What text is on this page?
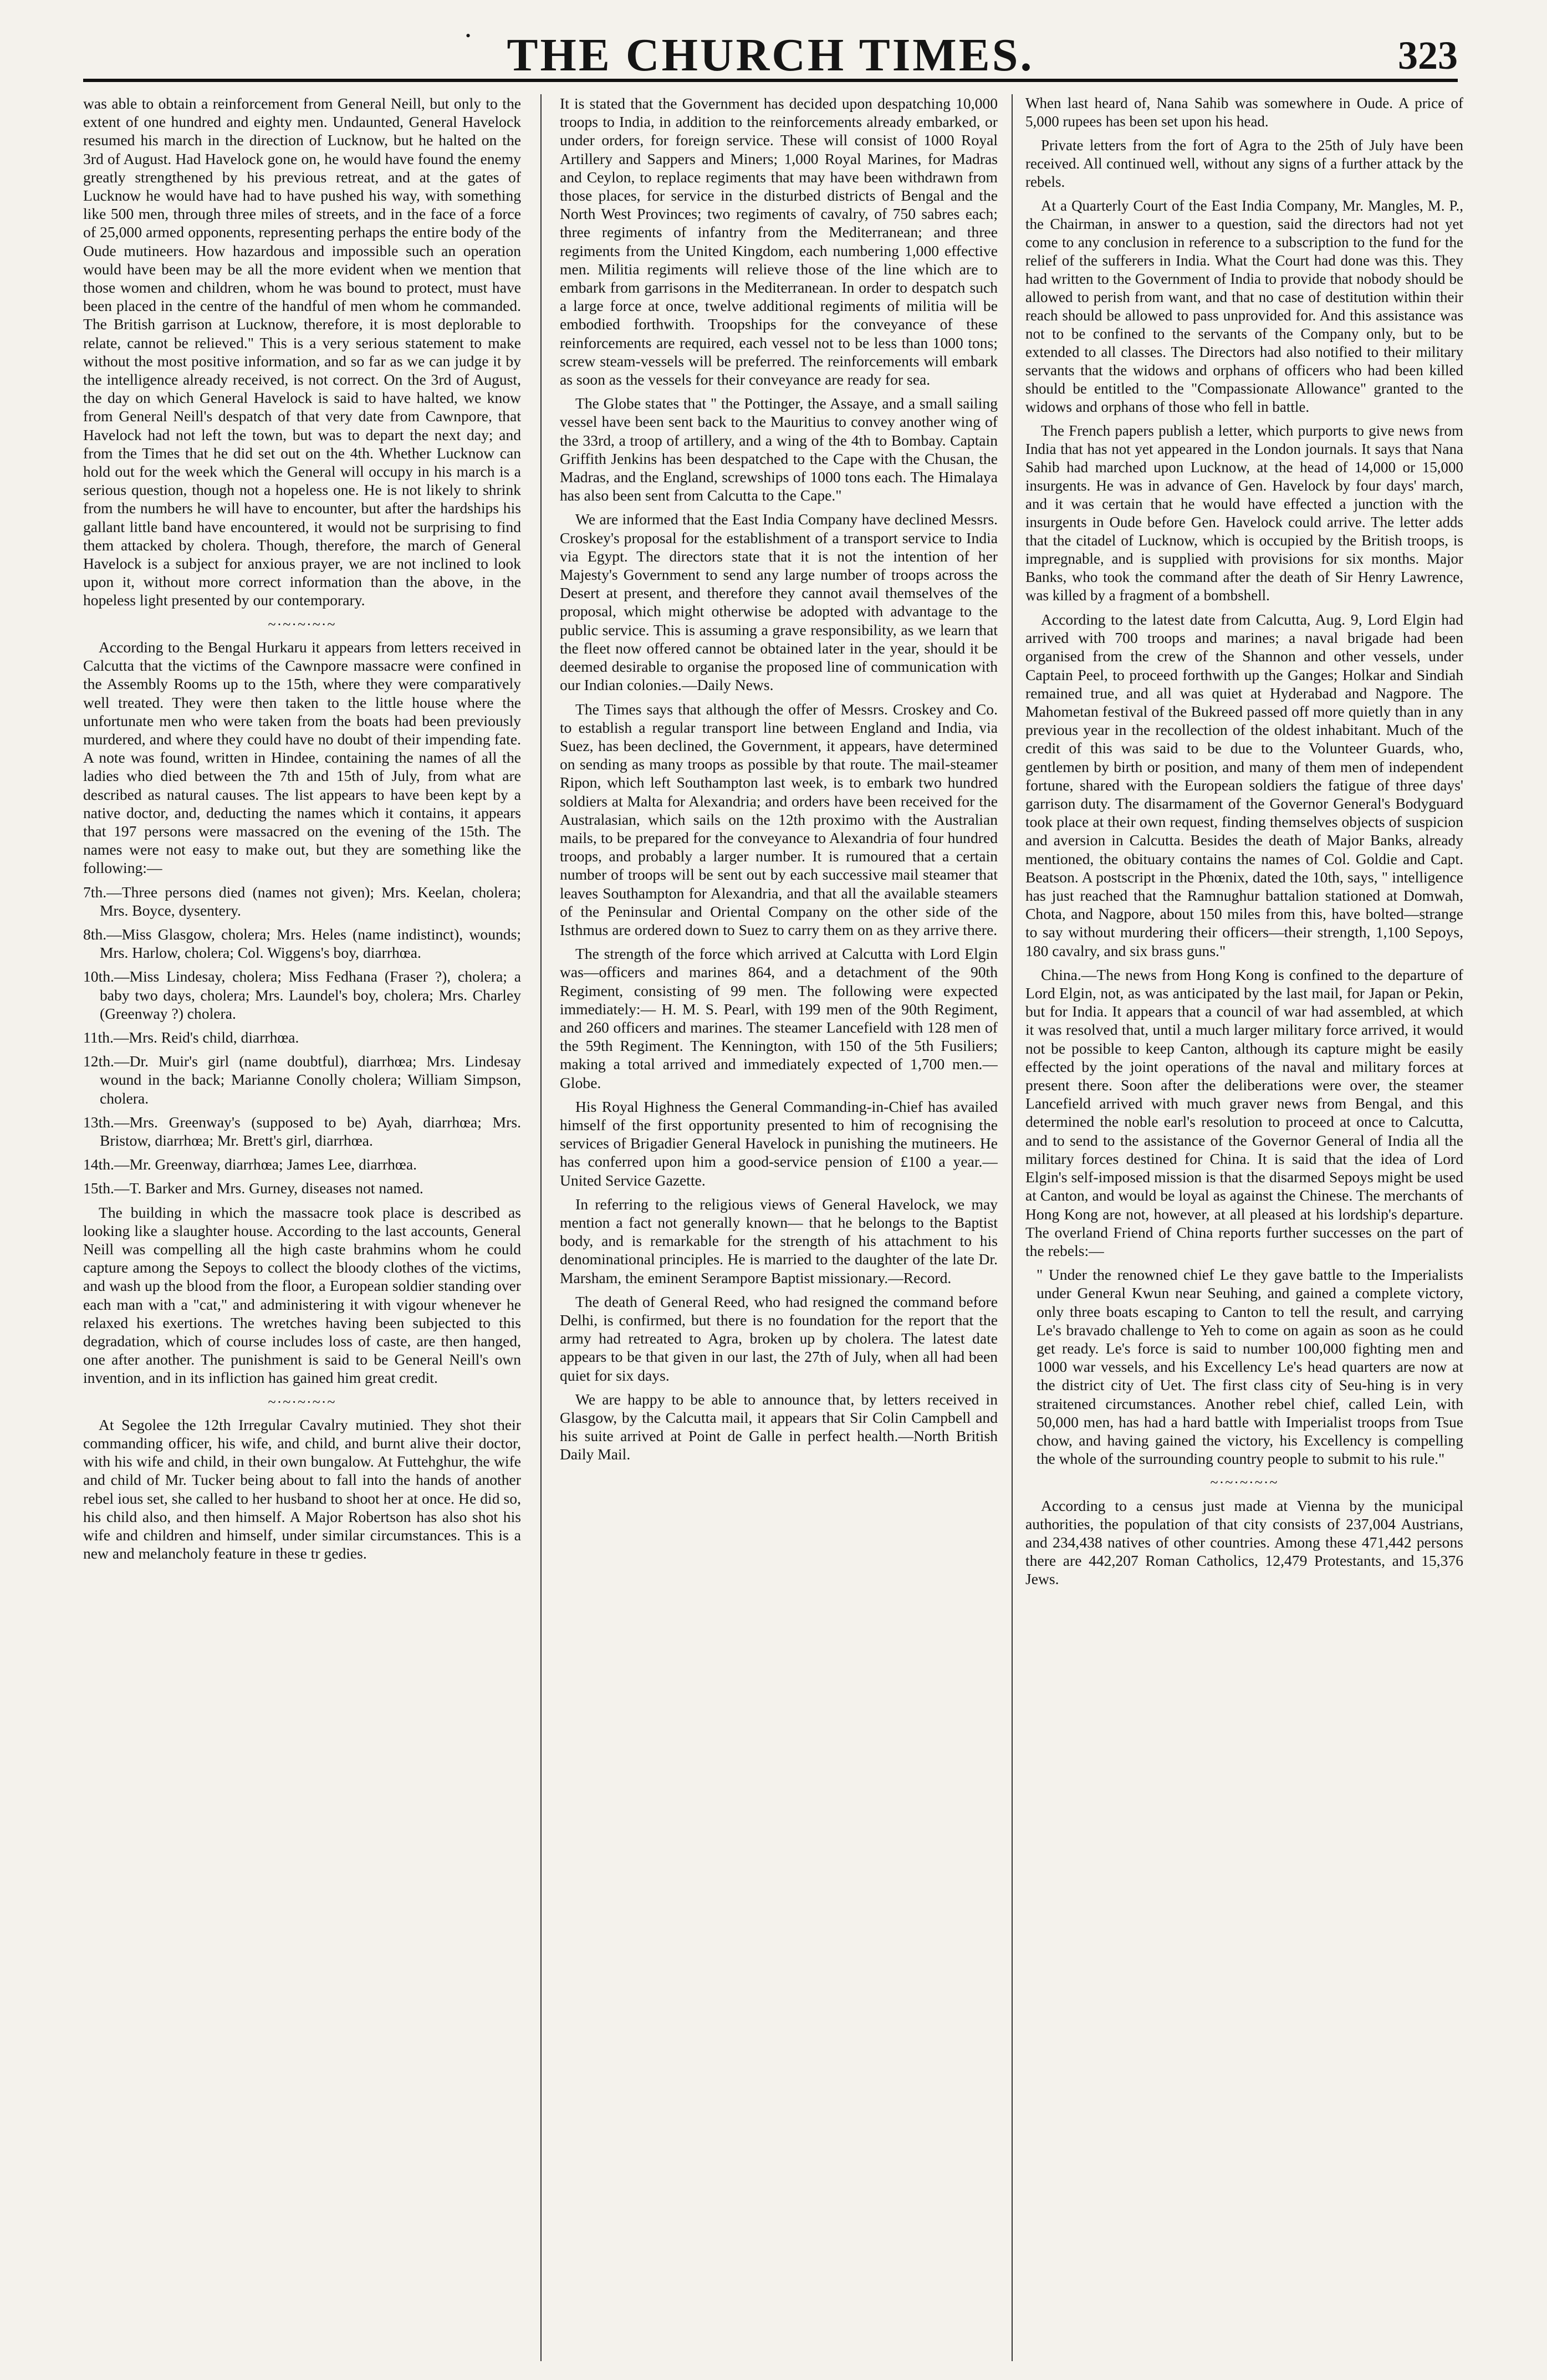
• THE CHURCH TIMES.	323

was able to obtain a reinforcement from General Neill, but only to the extent of one hundred and eighty men. Undaunted, General Havelock resumed his march in the direction of Lucknow, but he halted on the 3rd of August. Had Havelock gone on, he would have found the enemy greatly strengthened by his previous retreat, and at the gates of Lucknow he would have had to have pushed his way, with something like 500 men, through three miles of streets, and in the face of a force of 25,000 armed opponents, representing perhaps the entire body of the Oude mutineers. How hazardous and impossible such an operation would have been may be all the more evident when we mention that those women and children, whom he was bound to protect, must have been placed in the centre of the handful of men whom he commanded. The British garrison at Lucknow, therefore, it is most deplorable to relate, cannot be relieved." This is a very serious statement to make without the most positive information, and so far as we can judge it by the intelligence already received, is not correct. On the 3rd of August, the day on which General Havelock is said to have halted, we know from General Neill's despatch of that very date from Cawnpore, that Havelock had not left the town, but was to depart the next day; and from the Times that he did set out on the 4th. Whether Lucknow can hold out for the week which the General will occupy in his march is a serious question, though not a hopeless one. He is not likely to shrink from the numbers he will have to encounter, but after the hardships his gallant little band have encountered, it would not be surprising to find them attacked by cholera. Though, therefore, the march of General Havelock is a subject for anxious prayer, we are not inclined to look upon it, without more correct information than the above, in the hopeless light presented by our contemporary.

~·~·~

According to the Bengal Hurkaru it appears from letters received in Calcutta that the victims of the Cawnpore massacre were confined in the Assembly Rooms up to the 15th, where they were comparatively well treated. They were then taken to the little house where the unfortunate men who were taken from the boats had been previously murdered, and where they could have no doubt of their impending fate. A note was found, written in Hindee, containing the names of all the ladies who died between the 7th and 15th of July, from what are described as natural causes. The list appears to have been kept by a native doctor, and, deducting the names which it contains, it appears that 197 persons were massacred on the evening of the 15th. The names were not easy to make out, but they are something like the following:—

7th.—Three persons died (names not given); Mrs. Keelan, cholera; Mrs. Boyce, dysentery.

8th.—Miss Glasgow, cholera; Mrs. Heles (name indistinct), wounds; Mrs. Harlow, cholera; Col. Wiggens's boy, diarrhœa.

10th.—Miss Lindesay, cholera; Miss Fedhana (Fraser ?), cholera; a baby two days, cholera; Mrs. Laundel's boy, cholera; Mrs. Charley (Greenway ?) cholera.

11th.—Mrs. Reid's child, diarrhœa.

12th.—Dr. Muir's girl (name doubtful), diarrhœa; Mrs. Lindesay wound in the back; Marianne Conolly cholera; William Simpson, cholera.

13th.—Mrs. Greenway's (supposed to be) Ayah, diarrhœa; Mrs. Bristow, diarrhœa; Mr. Brett's girl, diarrhœa.

14th.—Mr. Greenway, diarrhœa; James Lee, diarrhœa.

15th.—T. Barker and Mrs. Gurney, diseases not named.

The building in which the massacre took place is described as looking like a slaughter house. According to the last accounts, General Neill was compelling all the high caste brahmins whom he could capture among the Sepoys to collect the bloody clothes of the victims, and wash up the blood from the floor, a European soldier standing over each man with a "cat," and administering it with vigour whenever he relaxed his exertions. The wretches having been subjected to this degradation, which of course includes loss of caste, are then hanged, one after another. The punishment is said to be General Neill's own invention, and in its infliction has gained him great credit.

~·~·~

At Segolee the 12th Irregular Cavalry mutinied. They shot their commanding officer, his wife, and child, and burnt alive their doctor, with his wife and child, in their own bungalow. At Futtehghur, the wife and child of Mr. Tucker being about to fall into the hands of another rebel ious set, she called to her husband to shoot her at once. He did so, his child also, and then himself. A Major Robertson has also shot his wife and children and himself, under similar circumstances. This is a new and melancholy feature in these tr gedies.

It is stated that the Government has decided upon despatching 10,000 troops to India, in addition to the reinforcements already embarked, or under orders, for foreign service. These will consist of 1000 Royal Artillery and Sappers and Miners; 1,000 Royal Marines, for Madras and Ceylon, to replace regiments that may have been withdrawn from those places, for service in the disturbed districts of Bengal and the North West Provinces; two regiments of cavalry, of 750 sabres each; three regiments of infantry from the Mediterranean; and three regiments from the United Kingdom, each numbering 1,000 effective men. Militia regiments will relieve those of the line which are to embark from garrisons in the Mediterranean. In order to despatch such a large force at once, twelve additional regiments of militia will be embodied forthwith. Troopships for the conveyance of these reinforcements are required, each vessel not to be less than 1000 tons; screw steam-vessels will be preferred. The reinforcements will embark as soon as the vessels for their conveyance are ready for sea.

The Globe states that " the Pottinger, the Assaye, and a small sailing vessel have been sent back to the Mauritius to convey another wing of the 33rd, a troop of artillery, and a wing of the 4th to Bombay. Captain Griffith Jenkins has been despatched to the Cape with the Chusan, the Madras, and the England, screwships of 1000 tons each. The Himalaya has also been sent from Calcutta to the Cape."

We are informed that the East India Company have declined Messrs. Croskey's proposal for the establishment of a transport service to India via Egypt. The directors state that it is not the intention of her Majesty's Government to send any large number of troops across the Desert at present, and therefore they cannot avail themselves of the proposal, which might otherwise be adopted with advantage to the public service. This is assuming a grave responsibility, as we learn that the fleet now offered cannot be obtained later in the year, should it be deemed desirable to organise the proposed line of communication with our Indian colonies.—Daily News.

The Times says that although the offer of Messrs. Croskey and Co. to establish a regular transport line between England and India, via Suez, has been declined, the Government, it appears, have determined on sending as many troops as possible by that route. The mail-steamer Ripon, which left Southampton last week, is to embark two hundred soldiers at Malta for Alexandria; and orders have been received for the Australasian, which sails on the 12th proximo with the Australian mails, to be prepared for the conveyance to Alexandria of four hundred troops, and probably a larger number. It is rumoured that a certain number of troops will be sent out by each successive mail steamer that leaves Southampton for Alexandria, and that all the available steamers of the Peninsular and Oriental Company on the other side of the Isthmus are ordered down to Suez to carry them on as they arrive there.

The strength of the force which arrived at Calcutta with Lord Elgin was—officers and marines 864, and a detachment of the 90th Regiment, consisting of 99 men. The following were expected immediately:— H. M. S. Pearl, with 199 men of the 90th Regiment, and 260 officers and marines. The steamer Lancefield with 128 men of the 59th Regiment. The Kennington, with 150 of the 5th Fusiliers; making a total arrived and immediately expected of 1,700 men.— Globe.

His Royal Highness the General Commanding-in-Chief has availed himself of the first opportunity presented to him of recognising the services of Brigadier General Havelock in punishing the mutineers. He has conferred upon him a good-service pension of £100 a year.—United Service Gazette.

In referring to the religious views of General Havelock, we may mention a fact not generally known— that he belongs to the Baptist body, and is remarkable for the strength of his attachment to his denominational principles. He is married to the daughter of the late Dr. Marsham, the eminent Serampore Baptist missionary.—Record.

The death of General Reed, who had resigned the command before Delhi, is confirmed, but there is no foundation for the report that the army had retreated to Agra, broken up by cholera. The latest date appears to be that given in our last, the 27th of July, when all had been quiet for six days.

We are happy to be able to announce that, by letters received in Glasgow, by the Calcutta mail, it appears that Sir Colin Campbell and his suite arrived at Point de Galle in perfect health.—North British Daily Mail.

When last heard of, Nana Sahib was somewhere in Oude. A price of 5,000 rupees has been set upon his head.

Private letters from the fort of Agra to the 25th of July have been received. All continued well, without any signs of a further attack by the rebels.

At a Quarterly Court of the East India Company, Mr. Mangles, M. P., the Chairman, in answer to a question, said the directors had not yet come to any conclusion in reference to a subscription to the fund for the relief of the sufferers in India. What the Court had done was this. They had written to the Government of India to provide that nobody should be allowed to perish from want, and that no case of destitution within their reach should be allowed to pass unprovided for. And this assistance was not to be confined to the servants of the Company only, but to be extended to all classes. The Directors had also notified to their military servants that the widows and orphans of officers who had been killed should be entitled to the "Compassionate Allowance" granted to the widows and orphans of those who fell in battle.

The French papers publish a letter, which purports to give news from India that has not yet appeared in the London journals. It says that Nana Sahib had marched upon Lucknow, at the head of 14,000 or 15,000 insurgents. He was in advance of Gen. Havelock by four days' march, and it was certain that he would have effected a junction with the insurgents in Oude before Gen. Havelock could arrive. The letter adds that the citadel of Lucknow, which is occupied by the British troops, is impregnable, and is supplied with provisions for six months. Major Banks, who took the command after the death of Sir Henry Lawrence, was killed by a fragment of a bombshell.

According to the latest date from Calcutta, Aug. 9, Lord Elgin had arrived with 700 troops and marines; a naval brigade had been organised from the crew of the Shannon and other vessels, under Captain Peel, to proceed forthwith up the Ganges; Holkar and Sindiah remained true, and all was quiet at Hyderabad and Nagpore. The Mahometan festival of the Bukreed passed off more quietly than in any previous year in the recollection of the oldest inhabitant. Much of the credit of this was said to be due to the Volunteer Guards, who, gentlemen by birth or position, and many of them men of independent fortune, shared with the European soldiers the fatigue of three days' garrison duty. The disarmament of the Governor General's Bodyguard took place at their own request, finding themselves objects of suspicion and aversion in Calcutta. Besides the death of Major Banks, already mentioned, the obituary contains the names of Col. Goldie and Capt. Beatson. A postscript in the Phœnix, dated the 10th, says, " intelligence has just reached that the Ramnughur battalion stationed at Domwah, Chota, and Nagpore, about 150 miles from this, have bolted—strange to say without murdering their officers—their strength, 1,100 Sepoys, 180 cavalry, and six brass guns."

China.—The news from Hong Kong is confined to the departure of Lord Elgin, not, as was anticipated by the last mail, for Japan or Pekin, but for India. It appears that a council of war had assembled, at which it was resolved that, until a much larger military force arrived, it would not be possible to keep Canton, although its capture might be easily effected by the joint operations of the naval and military forces at present there. Soon after the deliberations were over, the steamer Lancefield arrived with much graver news from Bengal, and this determined the noble earl's resolution to proceed at once to Calcutta, and to send to the assistance of the Governor General of India all the military forces destined for China. It is said that the idea of Lord Elgin's self-imposed mission is that the disarmed Sepoys might be used at Canton, and would be loyal as against the Chinese. The merchants of Hong Kong are not, however, at all pleased at his lordship's departure. The overland Friend of China reports further successes on the part of the rebels:—

" Under the renowned chief Le they gave battle to the Imperialists under General Kwun near Seuhing, and gained a complete victory, only three boats escaping to Canton to tell the result, and carrying Le's bravado challenge to Yeh to come on again as soon as he could get ready. Le's force is said to number 100,000 fighting men and 1000 war vessels, and his Excellency Le's head quarters are now at the district city of Uet. The first class city of Seu-hing is in very straitened circumstances. Another rebel chief, called Lein, with 50,000 men, has had a hard battle with Imperialist troops from Tsue chow, and having gained the victory, his Excellency is compelling the whole of the surrounding country people to submit to his rule."

~·~·~

According to a census just made at Vienna by the municipal authorities, the population of that city consists of 237,004 Austrians, and 234,438 natives of other countries. Among these 471,442 persons there are 442,207 Roman Catholics, 12,479 Protestants, and 15,376 Jews.
